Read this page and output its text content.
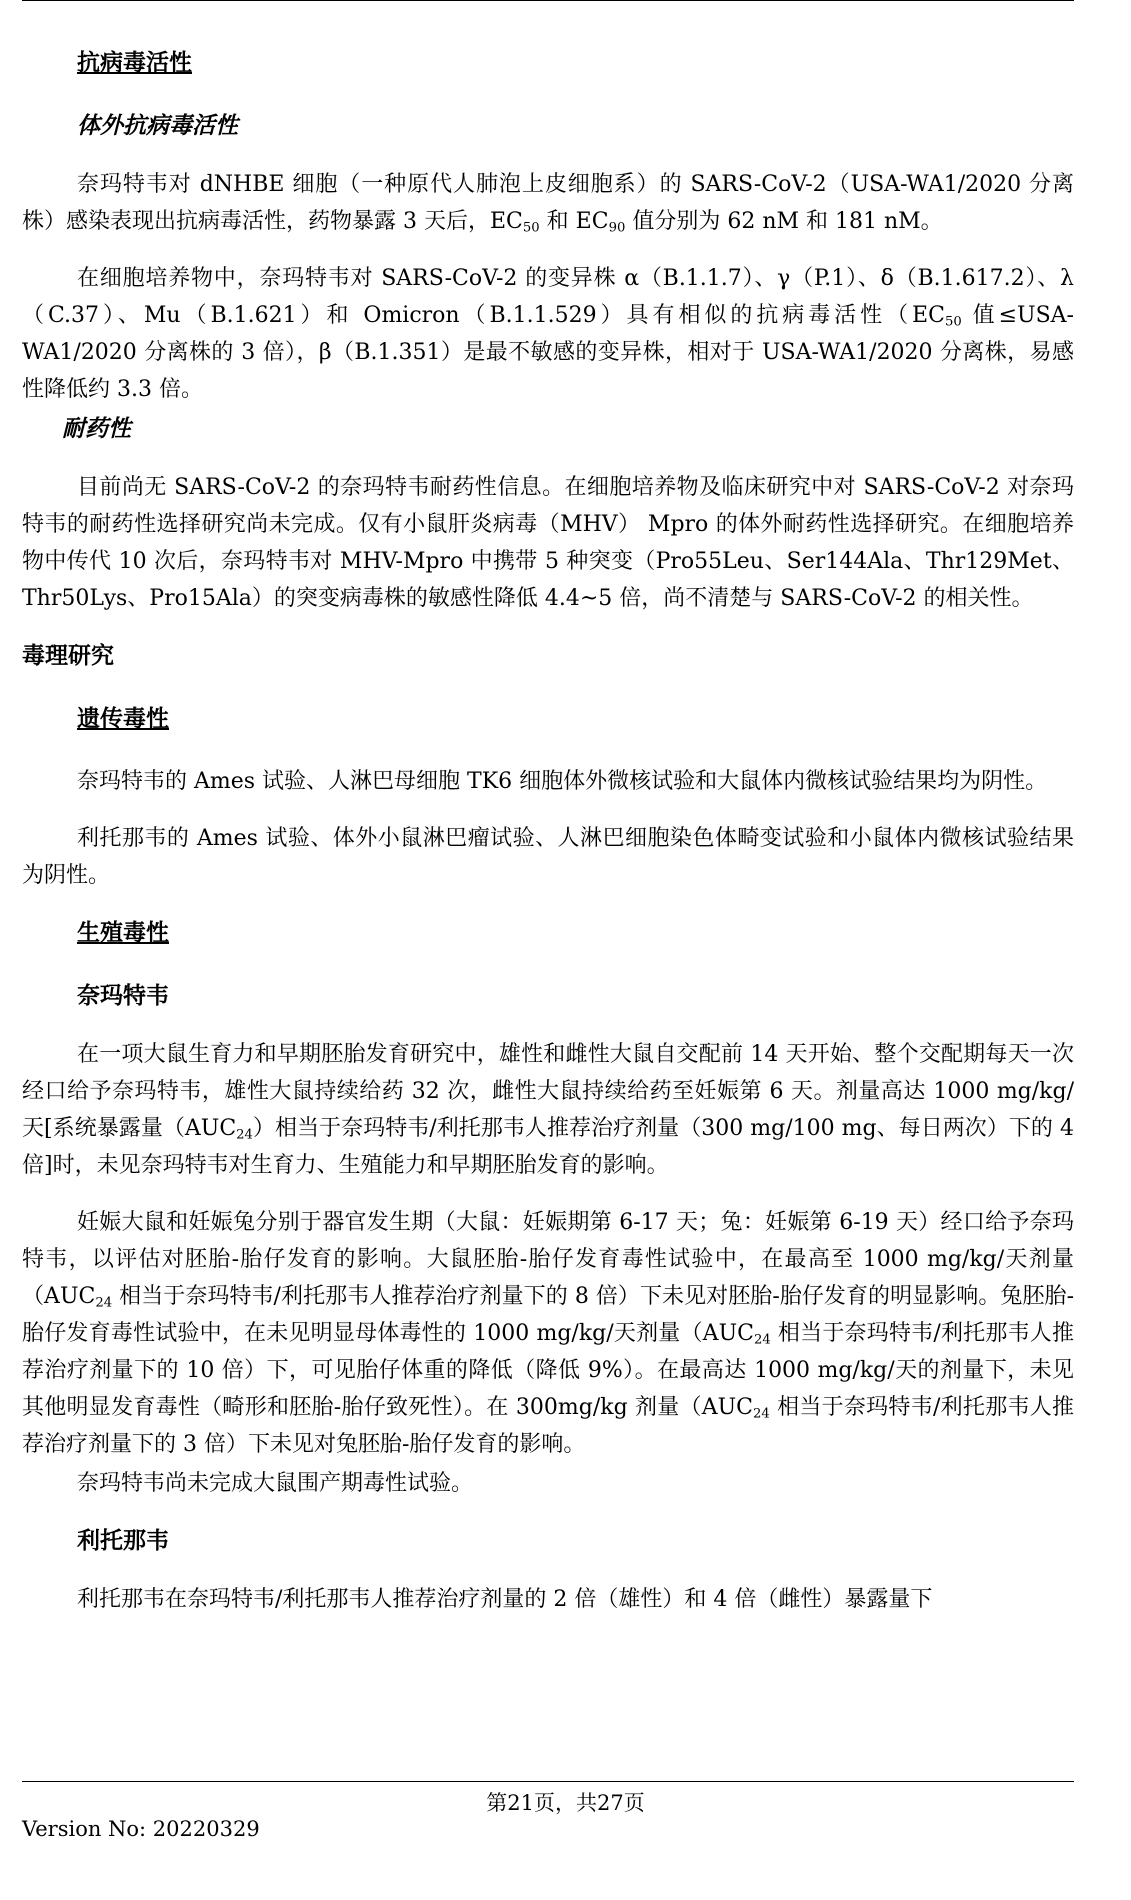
抗病毒活性
体外抗病毒活性

奈玛特韦对 dNHBE 细胞（一种原代人肺泡上皮细胞系）的 SARS-CoV-2（USA-WA1/2020 分离株）感染表现出抗病毒活性，药物暴露 3 天后，$EC_{50}$ 和 $EC_{90}$ 值分别为 62 nM 和 181 nM。

在细胞培养物中，奈玛特韦对 SARS-CoV-2 的变异株 α（B.1.1.7）、γ（P.1）、δ（B.1.617.2）、λ（C.37）、Mu（B.1.621）和 Omicron（B.1.1.529）具有相似的抗病毒活性（$EC_{50}$ 值≤USA-WA1/2020 分离株的 3 倍），β（B.1.351）是最不敏感的变异株，相对于 USA-WA1/2020 分离株，易感性降低约 3.3 倍。

耐药性

目前尚无 SARS-CoV-2 的奈玛特韦耐药性信息。在细胞培养物及临床研究中对 SARS-CoV-2 对奈玛特韦的耐药性选择研究尚未完成。仅有小鼠肝炎病毒（MHV） Mpro 的体外耐药性选择研究。在细胞培养物中传代 10 次后，奈玛特韦对 MHV-Mpro 中携带 5 种突变（Pro55Leu、Ser144Ala、Thr129Met、Thr50Lys、Pro15Ala）的突变病毒株的敏感性降低 4.4~5 倍，尚不清楚与 SARS-CoV-2 的相关性。

毒理研究
遗传毒性

奈玛特韦的 Ames 试验、人淋巴母细胞 TK6 细胞体外微核试验和大鼠体内微核试验结果均为阴性。

利托那韦的 Ames 试验、体外小鼠淋巴瘤试验、人淋巴细胞染色体畸变试验和小鼠体内微核试验结果为阴性。

生殖毒性
奈玛特韦

在一项大鼠生育力和早期胚胎发育研究中，雄性和雌性大鼠自交配前 14 天开始、整个交配期每天一次经口给予奈玛特韦，雄性大鼠持续给药 32 次，雌性大鼠持续给药至妊娠第 6 天。剂量高达 1000 mg/kg/天[系统暴露量$(AUC_{24})$相当于奈玛特韦/利托那韦人推荐治疗剂量（300 mg/100 mg、每日两次）下的 4 倍]时，未见奈玛特韦对生育力、生殖能力和早期胚胎发育的影响。

妊娠大鼠和妊娠兔分别于器官发生期（大鼠：妊娠期第 6-17 天；兔：妊娠第 6-19 天）经口给予奈玛特韦，以评估对胚胎-胎仔发育的影响。大鼠胚胎-胎仔发育毒性试验中，在最高至 1000 mg/kg/天剂量（$AUC_{24}$ 相当于奈玛特韦/利托那韦人推荐治疗剂量下的 8 倍）下未见对胚胎-胎仔发育的明显影响。兔胚胎-胎仔发育毒性试验中，在未见明显母体毒性的 1000 mg/kg/天剂量（$AUC_{24}$ 相当于奈玛特韦/利托那韦人推荐治疗剂量下的 10 倍）下，可见胎仔体重的降低（降低 9%）。在最高达 1000 mg/kg/天的剂量下，未见其他明显发育毒性（畸形和胚胎-胎仔致死性）。在 300mg/kg 剂量（$AUC_{24}$ 相当于奈玛特韦/利托那韦人推荐治疗剂量下的 3 倍）下未见对兔胚胎-胎仔发育的影响。

奈玛特韦尚未完成大鼠围产期毒性试验。

利托那韦

利托那韦在奈玛特韦/利托那韦人推荐治疗剂量的 2 倍（雄性）和 4 倍（雌性）暴露量下

第21页，共27页
Version No: 20220329
